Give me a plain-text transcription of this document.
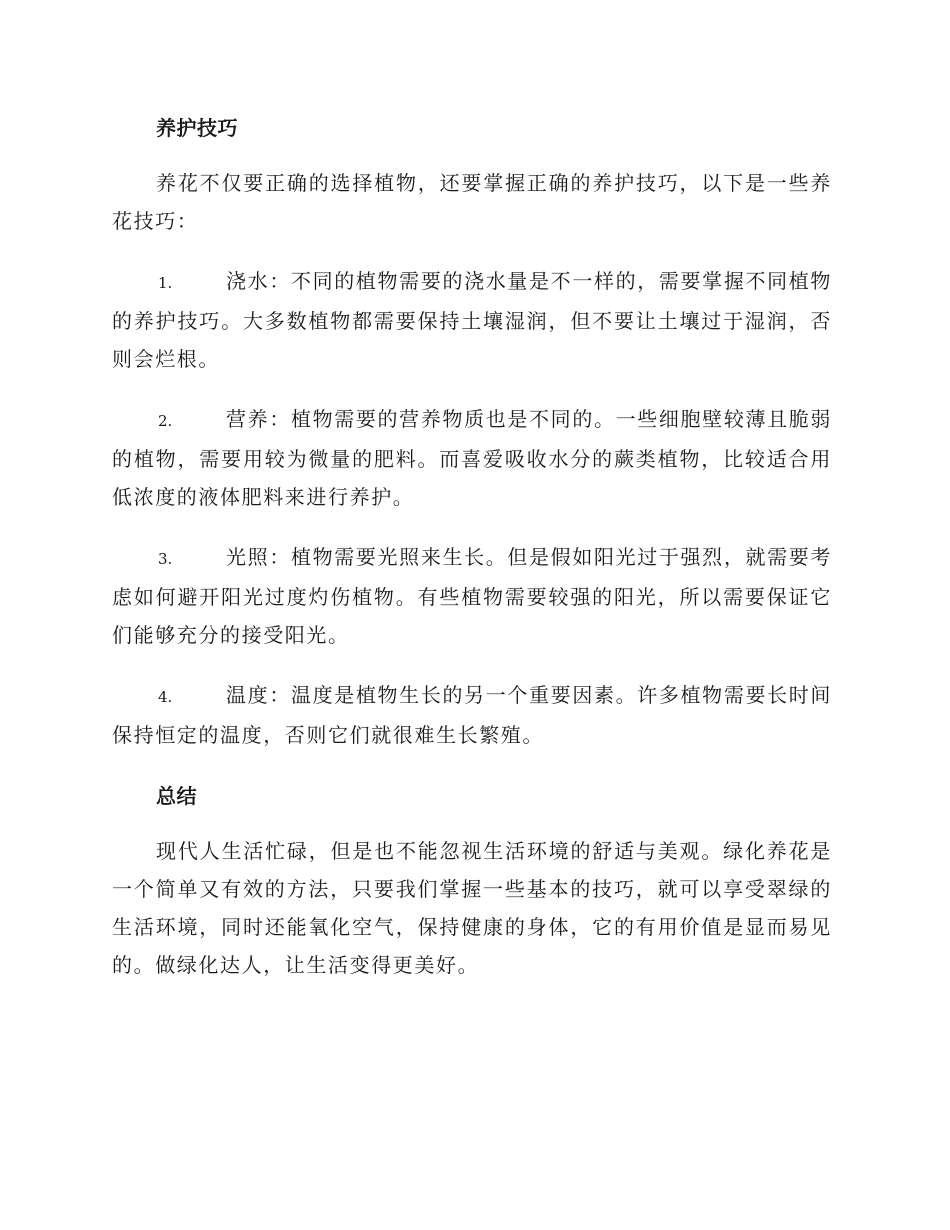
养护技巧

养花不仅要正确的选择植物，还要掌握正确的养护技巧，以下是一些养花技巧：

1.	浇水：不同的植物需要的浇水量是不一样的，需要掌握不同植物的养护技巧。大多数植物都需要保持土壤湿润，但不要让土壤过于湿润，否则会烂根。

2.	营养：植物需要的营养物质也是不同的。一些细胞壁较薄且脆弱的植物，需要用较为微量的肥料。而喜爱吸收水分的蕨类植物，比较适合用低浓度的液体肥料来进行养护。

3.	光照：植物需要光照来生长。但是假如阳光过于强烈，就需要考虑如何避开阳光过度灼伤植物。有些植物需要较强的阳光，所以需要保证它们能够充分的接受阳光。

4.	温度：温度是植物生长的另一个重要因素。许多植物需要长时间保持恒定的温度，否则它们就很难生长繁殖。

总结

现代人生活忙碌，但是也不能忽视生活环境的舒适与美观。绿化养花是一个简单又有效的方法，只要我们掌握一些基本的技巧，就可以享受翠绿的生活环境，同时还能氧化空气，保持健康的身体，它的有用价值是显而易见的。做绿化达人，让生活变得更美好。
